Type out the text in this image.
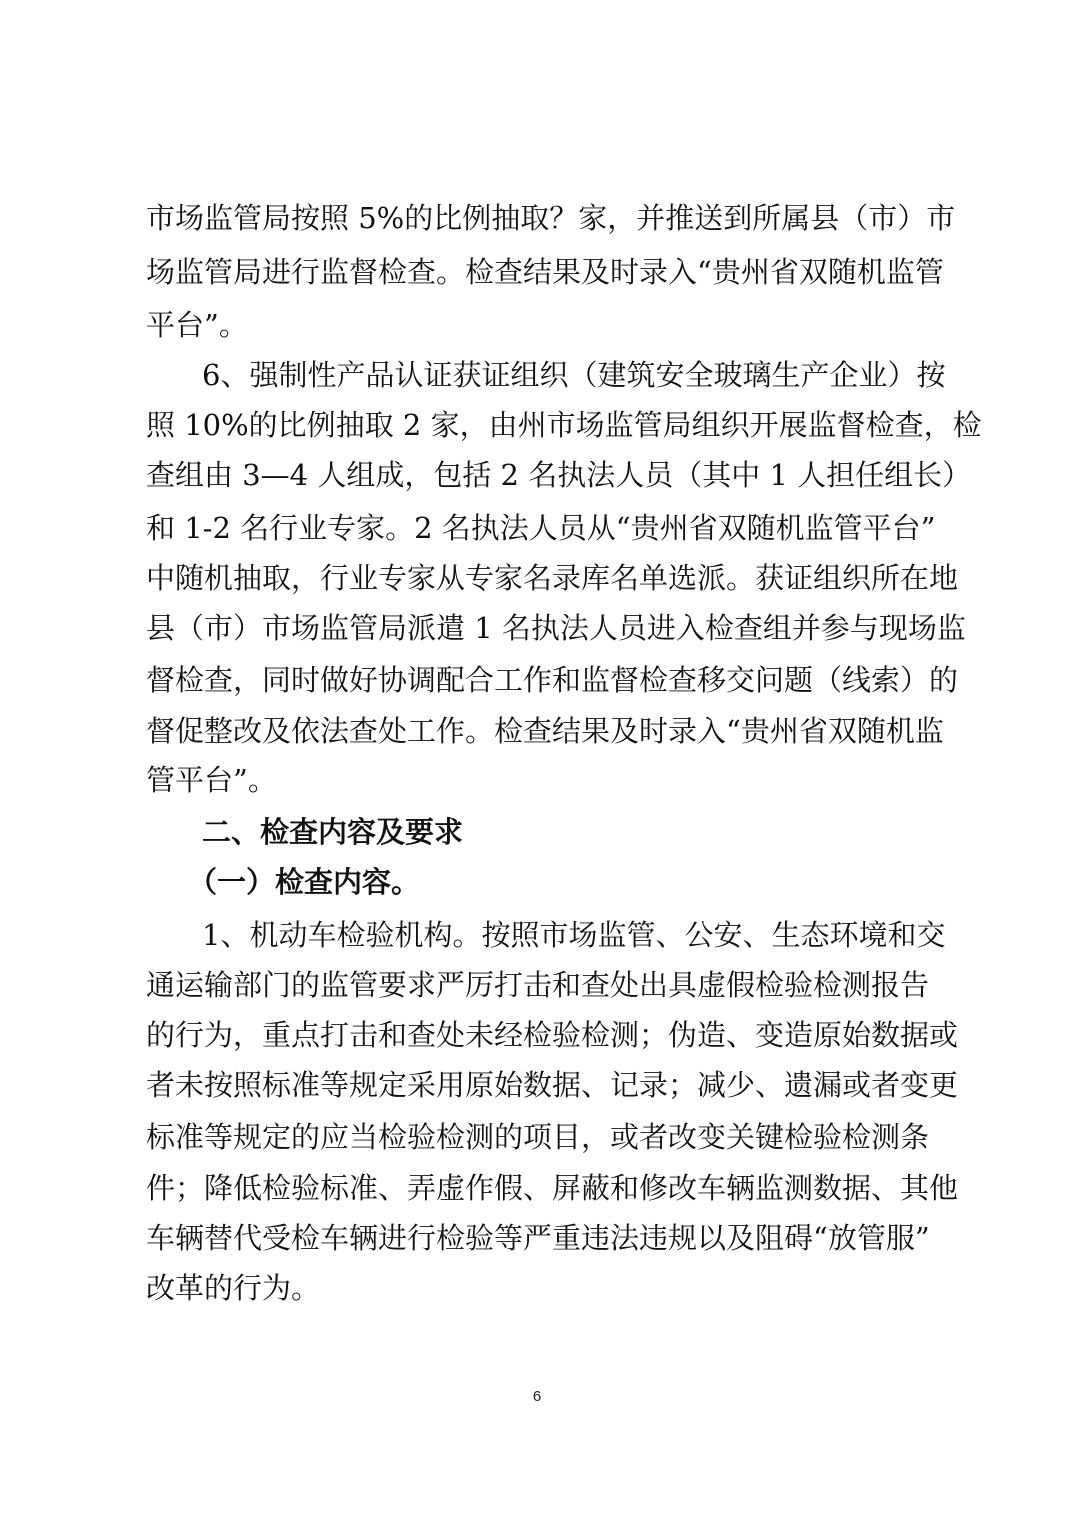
市场监管局按照 5%的比例抽取？家，并推送到所属县（市）市
场监管局进行监督检查。检查结果及时录入“贵州省双随机监管
平台”。
6、强制性产品认证获证组织（建筑安全玻璃生产企业）按
照 10%的比例抽取 2 家，由州市场监管局组织开展监督检查，检
查组由 3—4 人组成，包括 2 名执法人员（其中 1 人担任组长）
和 1-2 名行业专家。2 名执法人员从“贵州省双随机监管平台”
中随机抽取，行业专家从专家名录库名单选派。获证组织所在地
县（市）市场监管局派遣 1 名执法人员进入检查组并参与现场监
督检查，同时做好协调配合工作和监督检查移交问题（线索）的
督促整改及依法查处工作。检查结果及时录入“贵州省双随机监
管平台”。
二、检查内容及要求
（一）检查内容。
1、机动车检验机构。按照市场监管、公安、生态环境和交
通运输部门的监管要求严厉打击和查处出具虚假检验检测报告
的行为，重点打击和查处未经检验检测；伪造、变造原始数据或
者未按照标准等规定采用原始数据、记录；减少、遗漏或者变更
标准等规定的应当检验检测的项目，或者改变关键检验检测条
件；降低检验标准、弄虚作假、屏蔽和修改车辆监测数据、其他
车辆替代受检车辆进行检验等严重违法违规以及阻碍“放管服”
改革的行为。
6
